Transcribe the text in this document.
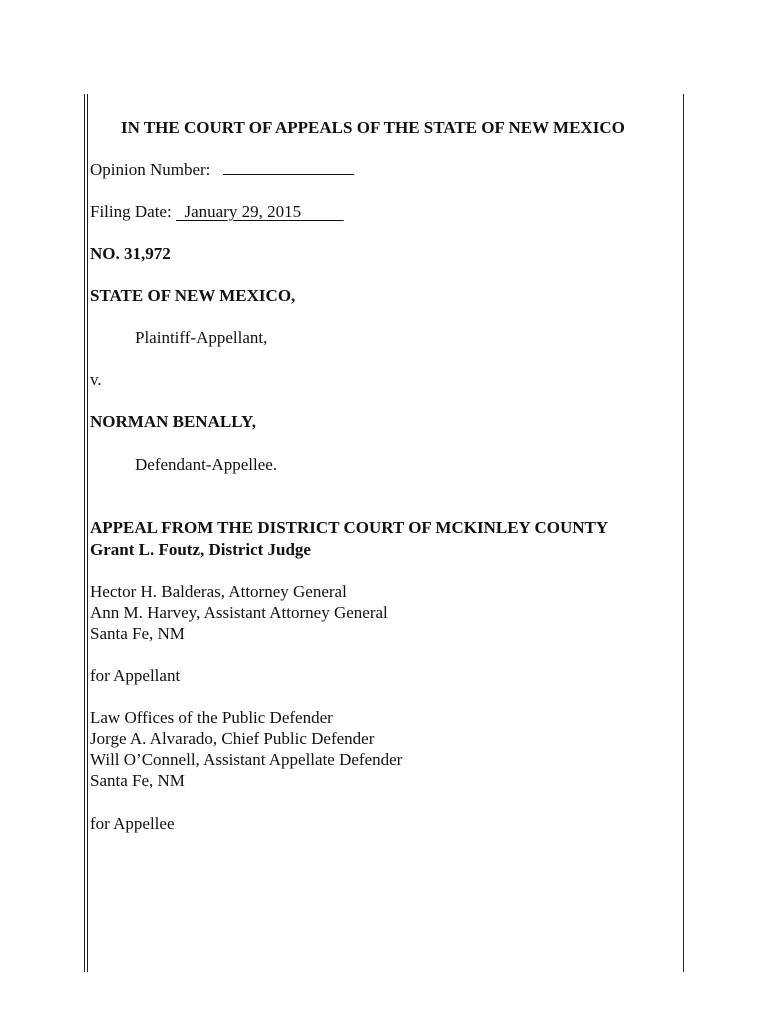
IN THE COURT OF APPEALS OF THE STATE OF NEW MEXICO
Opinion Number:
Filing Date: January 29, 2015
NO. 31,972
STATE OF NEW MEXICO,
Plaintiff-Appellant,
v.
NORMAN BENALLY,
Defendant-Appellee.
APPEAL FROM THE DISTRICT COURT OF MCKINLEY COUNTY
Grant L. Foutz, District Judge
Hector H. Balderas, Attorney General
Ann M. Harvey, Assistant Attorney General
Santa Fe, NM
for Appellant
Law Offices of the Public Defender
Jorge A. Alvarado, Chief Public Defender
Will O’Connell, Assistant Appellate Defender
Santa Fe, NM
for Appellee
